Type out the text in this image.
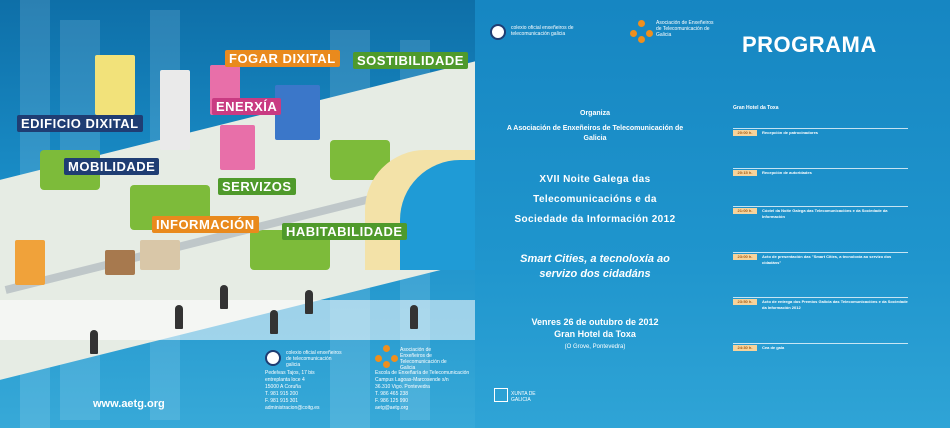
FOGAR DIXITAL	SOSTIBILIDADE
ENERXÍA
EDIFICIO DIXITAL
MOBILIDADE
SERVIZOS
INFORMACIÓN	HABITABILIDADE
colexio oficial enxeñeiros de telecomunicación galicia
Pedelvas Tajos, 17 bis
entreplanta loce 4
15000 A Coruña
T. 981 915 200
F. 981 915 301
administracion@coitg.es
Asociación de Enxeñeiros de Telecomunicación de Galicia
Escola de Enxeñaría de Telecomunicación
Campus Lagoas-Marcosende s/n
36.310 Vigo. Pontevedra
T. 986 465 238
F. 986 125 990
aetg@aetg.org
www.aetg.org
colexio oficial enxeñeiros de telecomunicación galicia
Asociación de Enxeñeiros de Telecomunicación de Galicia
Organiza
A Asociación de Enxeñeiros de Telecomunicación de Galicia
XVII Noite Galega das
Telecomunicacións e da
Sociedade da Información 2012
Smart Cities, a tecnoloxía ao
servizo dos cidadáns
Venres 26 de outubro de 2012
Gran Hotel da Toxa
(O Grove, Pontevedra)
XUNTA DE GALICIA
PROGRAMA
Gran Hotel da Toxa
20:00 h.	Recepción de patrocinadores
20:15 h.	Recepción de autoridades
21:00 h.	Cóctel da Noite Galega das Telecomunicacións e da Sociedade da Información
23:00 h.	Acto de presentación das "Smart Cities, a tecnoloxía ao servizo dos cidadáns"
23:50 h.	Acto de entrega dos Premios Galicia das Telecomunicacións e da Sociedade da Información 2012
24:30 h.	Cea de gala
